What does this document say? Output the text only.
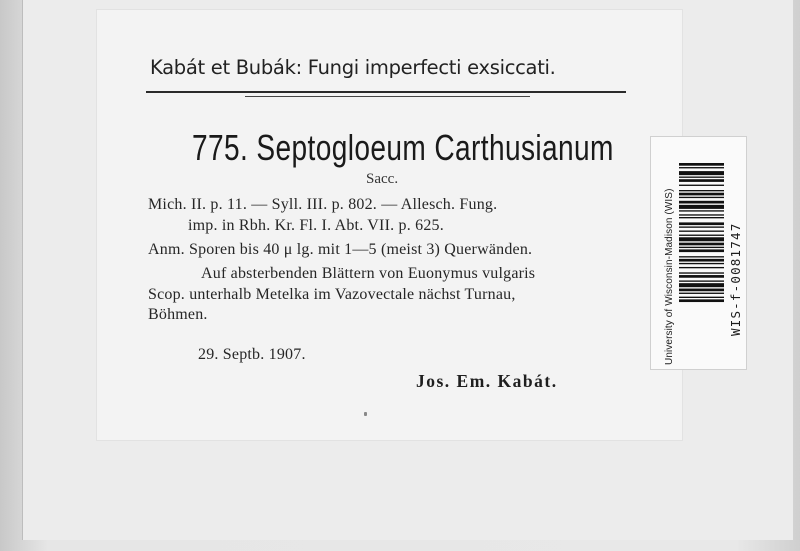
Kabát et Bubák: Fungi imperfecti exsiccati.
775. Septogloeum Carthusianum
Sacc.
Mich. II. p. 11. — Syll. III. p. 802. — Allesch. Fung.
imp. in Rbh. Kr. Fl. I. Abt. VII. p. 625.
Anm. Sporen bis 40 μ lg. mit 1—5 (meist 3) Querwänden.
Auf absterbenden Blättern von Euonymus vulgaris
Scop. unterhalb Metelka im Vazovectale nächst Turnau,
Böhmen.
29. Septb. 1907.
Jos. Em. Kabát.
University of Wisconsin-Madison (WIS)	WIS-f-0081747
